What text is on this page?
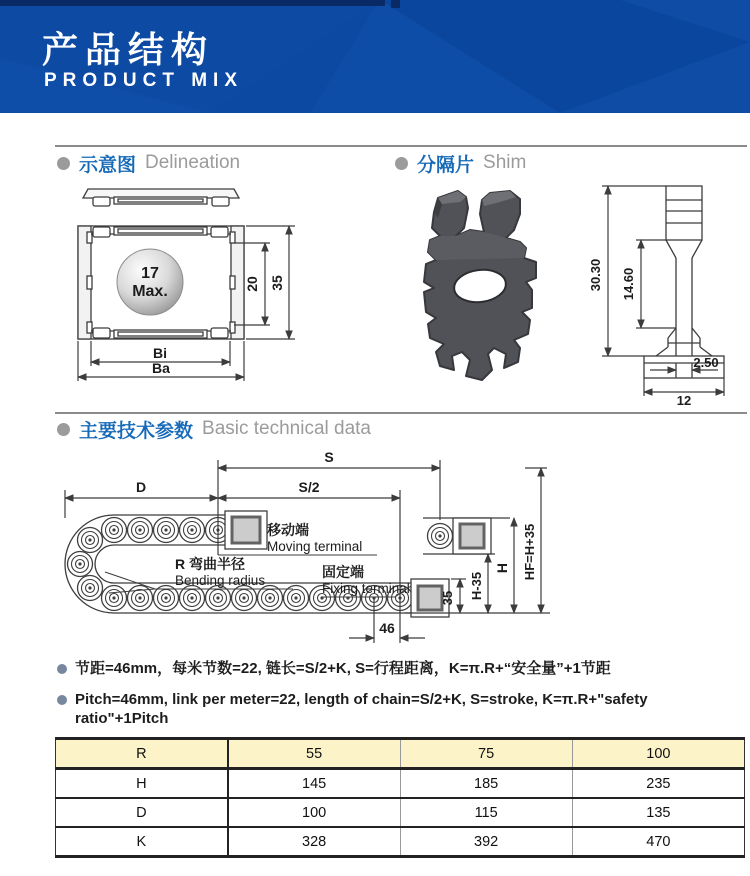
产品结构
PRODUCT MIX
示意图 Delineation	分隔片 Shim
17
Max.	20 35
Bi
Ba
30.30 14.60
2.50
12
主要技术参数 Basic technical data
S
S/2
D
46
35 H-35
H HF=H+35
移动端
Moving terminal
R 弯曲半径
Bending radius
固定端
Fixing terminal
节距=46mm，每米节数=22, 链长=S/2+K, S=行程距离，K=π.R+“安全量”+1节距
Pitch=46mm, link per meter=22, length of chain=S/2+K, S=stroke, K=π.R+"safety ratio"+1Pitch
R	55	75	100
H	145	185	235
D	100	115	135
K	328	392	470
